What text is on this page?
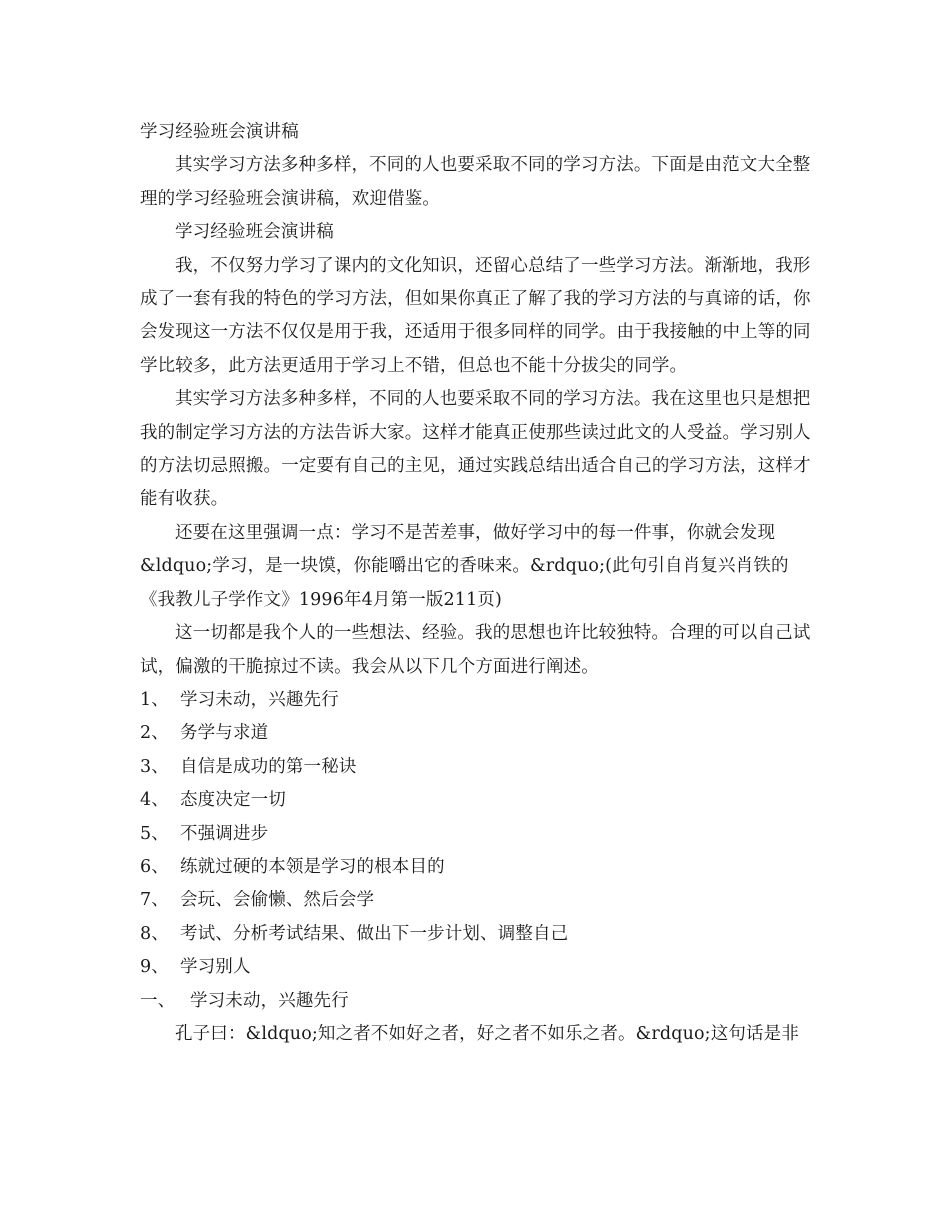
学习经验班会演讲稿

其实学习方法多种多样，不同的人也要采取不同的学习方法。下面是由范文大全整理的学习经验班会演讲稿，欢迎借鉴。

学习经验班会演讲稿

我，不仅努力学习了课内的文化知识，还留心总结了一些学习方法。渐渐地，我形成了一套有我的特色的学习方法，但如果你真正了解了我的学习方法的与真谛的话，你会发现这一方法不仅仅是用于我，还适用于很多同样的同学。由于我接触的中上等的同学比较多，此方法更适用于学习上不错，但总也不能十分拔尖的同学。

其实学习方法多种多样，不同的人也要采取不同的学习方法。我在这里也只是想把我的制定学习方法的方法告诉大家。这样才能真正使那些读过此文的人受益。学习别人的方法切忌照搬。一定要有自己的主见，通过实践总结出适合自己的学习方法，这样才能有收获。

还要在这里强调一点：学习不是苦差事，做好学习中的每一件事，你就会发现&ldquo;学习，是一块馍，你能嚼出它的香味来。&rdquo;(此句引自肖复兴肖铁的《我教儿子学作文》1996年4月第一版211页)

这一切都是我个人的一些想法、经验。我的思想也许比较独特。合理的可以自己试试，偏激的干脆掠过不读。我会从以下几个方面进行阐述。

1、 学习未动，兴趣先行

2、 务学与求道

3、 自信是成功的第一秘诀

4、 态度决定一切

5、 不强调进步

6、 练就过硬的本领是学习的根本目的

7、 会玩、会偷懒、然后会学

8、 考试、分析考试结果、做出下一步计划、调整自己

9、 学习别人

一、 学习未动，兴趣先行

孔子曰：&ldquo;知之者不如好之者，好之者不如乐之者。&rdquo;这句话是非
